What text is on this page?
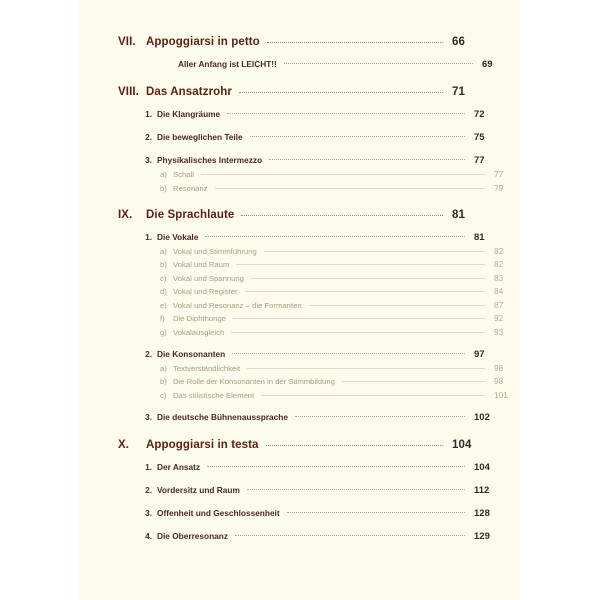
VII. Appoggiarsi in petto	66
Aller Anfang ist LEICHT!!	69
VIII. Das Ansatzrohr	71
1. Die Klangräume	72
2. Die beweglichen Teile	75
3. Physikalisches Intermezzo	77
a) Schall	77
b) Resonanz	79
IX.	Die Sprachlaute	81
1. Die Vokale	81
a) Vokal und Stimmführung	82
b) Vokal und Raum	82
c) Vokal und Spannung	83
d) Vokal und Register	84
e) Vokal und Resonanz – die Formanten	87
f)	Die Diphthonge	92
g) Vokalausgleich	93
2. Die Konsonanten	97
a) Textverständlichkeit	98
b) Die Rolle der Konsonanten in der Stimmbildung	98
c) Das stilistische Element	101
3. Die deutsche Bühnenaussprache	102
X.	Appoggiarsi in testa	104
1. Der Ansatz	104
2. Vordersitz und Raum	112
3. Offenheit und Geschlossenheit	128
4. Die Oberresonanz	129
